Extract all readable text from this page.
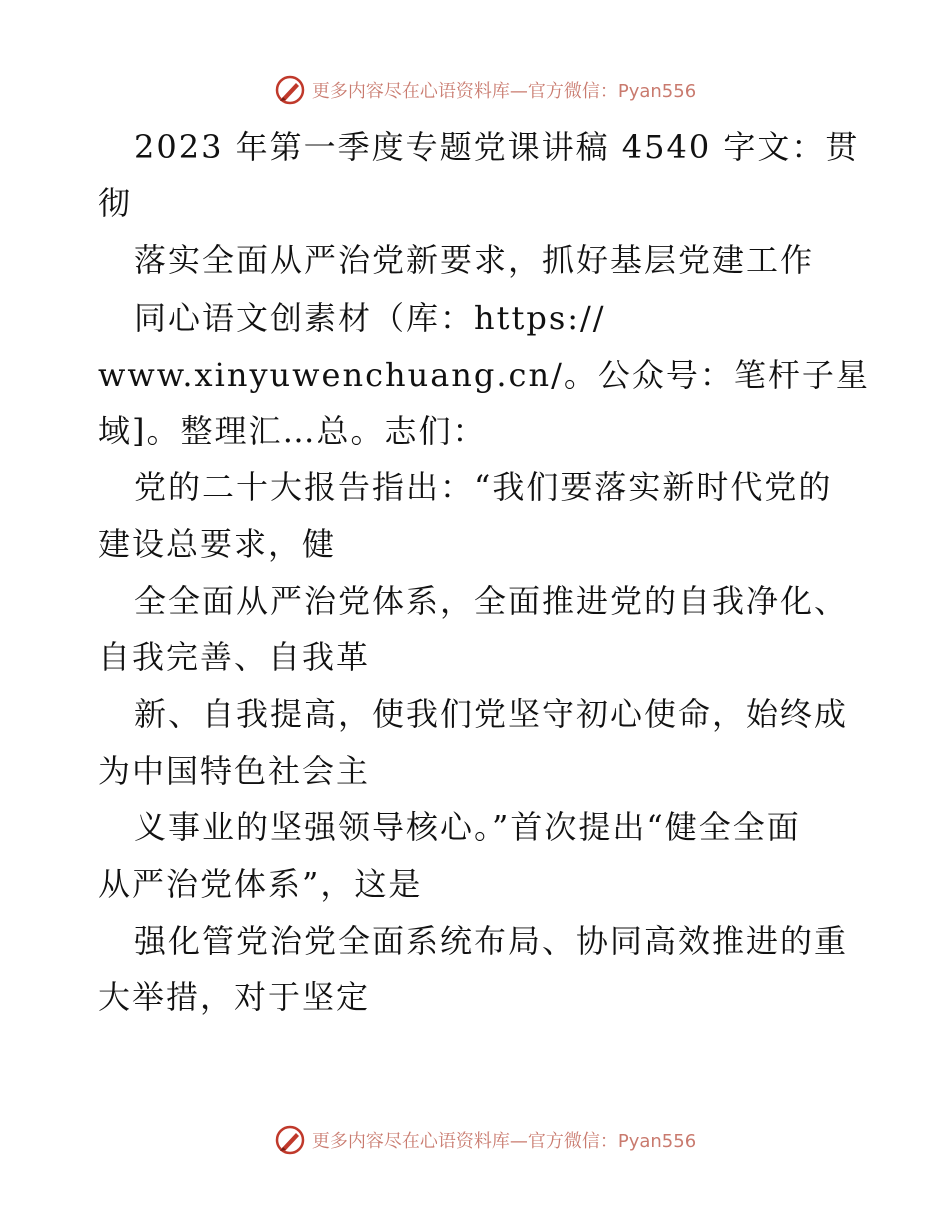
更多内容尽在心语资料库—官方微信：Pyan556
2023 年第一季度专题党课讲稿 4540 字文：贯
彻
落实全面从严治党新要求，抓好基层党建工作
同心语文创素材（库：https://
www.xinyuwenchuang.cn/。公众号：笔杆子星
域]。整理汇…总。志们：
党的二十大报告指出：“我们要落实新时代党的
建设总要求，健
全全面从严治党体系，全面推进党的自我净化、
自我完善、自我革
新、自我提高，使我们党坚守初心使命，始终成
为中国特色社会主
义事业的坚强领导核心。”首次提出“健全全面
从严治党体系”，这是
强化管党治党全面系统布局、协同高效推进的重
大举措，对于坚定
更多内容尽在心语资料库—官方微信：Pyan556
